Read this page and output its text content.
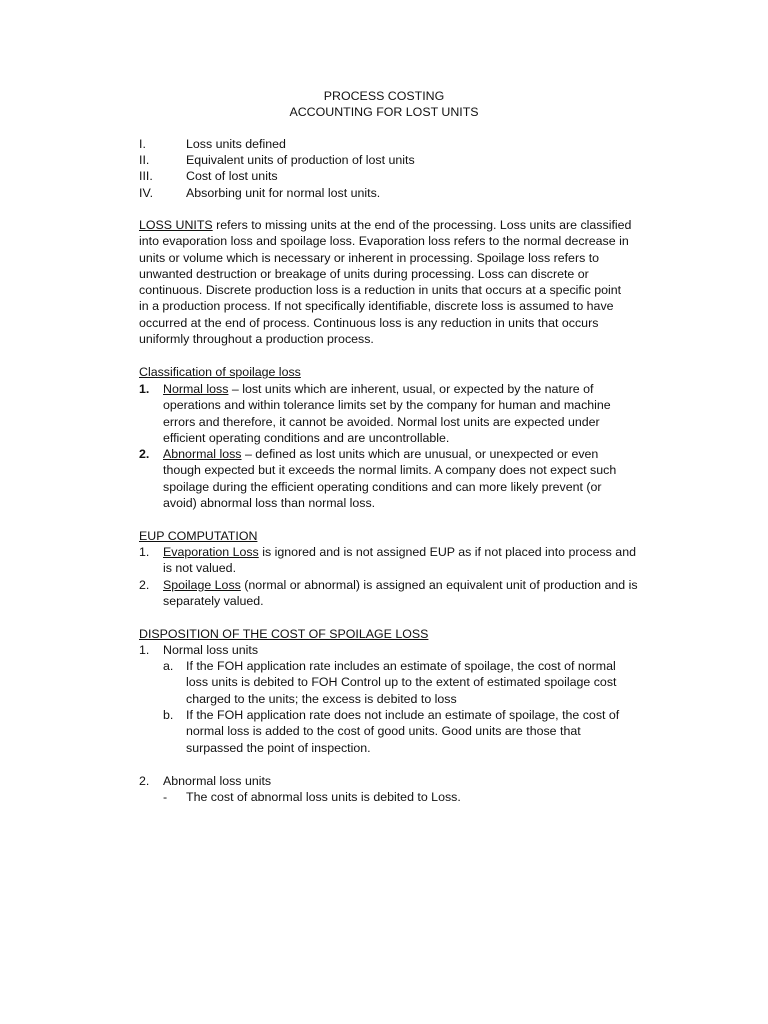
PROCESS COSTING
ACCOUNTING FOR LOST UNITS
I.	Loss units defined
II.	Equivalent units of production of lost units
III.	Cost of lost units
IV.	Absorbing unit for normal lost units.
LOSS UNITS refers to missing units at the end of the processing. Loss units are classified
into evaporation loss and spoilage loss. Evaporation loss refers to the normal decrease in
units or volume which is necessary or inherent in processing. Spoilage loss refers to
unwanted destruction or breakage of units during processing. Loss can discrete or
continuous. Discrete production loss is a reduction in units that occurs at a specific point
in a production process. If not specifically identifiable, discrete loss is assumed to have
occurred at the end of process. Continuous loss is any reduction in units that occurs
uniformly throughout a production process.
Classification of spoilage loss
1. Normal loss – lost units which are inherent, usual, or expected by the nature of
operations and within tolerance limits set by the company for human and machine
errors and therefore, it cannot be avoided. Normal lost units are expected under
efficient operating conditions and are uncontrollable.
2. Abnormal loss – defined as lost units which are unusual, or unexpected or even
though expected but it exceeds the normal limits. A company does not expect such
spoilage during the efficient operating conditions and can more likely prevent (or
avoid) abnormal loss than normal loss.
EUP COMPUTATION
1. Evaporation Loss is ignored and is not assigned EUP as if not placed into process and
is not valued.
2. Spoilage Loss (normal or abnormal) is assigned an equivalent unit of production and is
separately valued.
DISPOSITION OF THE COST OF SPOILAGE LOSS
1. Normal loss units
a. If the FOH application rate includes an estimate of spoilage, the cost of normal
loss units is debited to FOH Control up to the extent of estimated spoilage cost
charged to the units; the excess is debited to loss
b. If the FOH application rate does not include an estimate of spoilage, the cost of
normal loss is added to the cost of good units. Good units are those that
surpassed the point of inspection.
2. Abnormal loss units
- The cost of abnormal loss units is debited to Loss.
